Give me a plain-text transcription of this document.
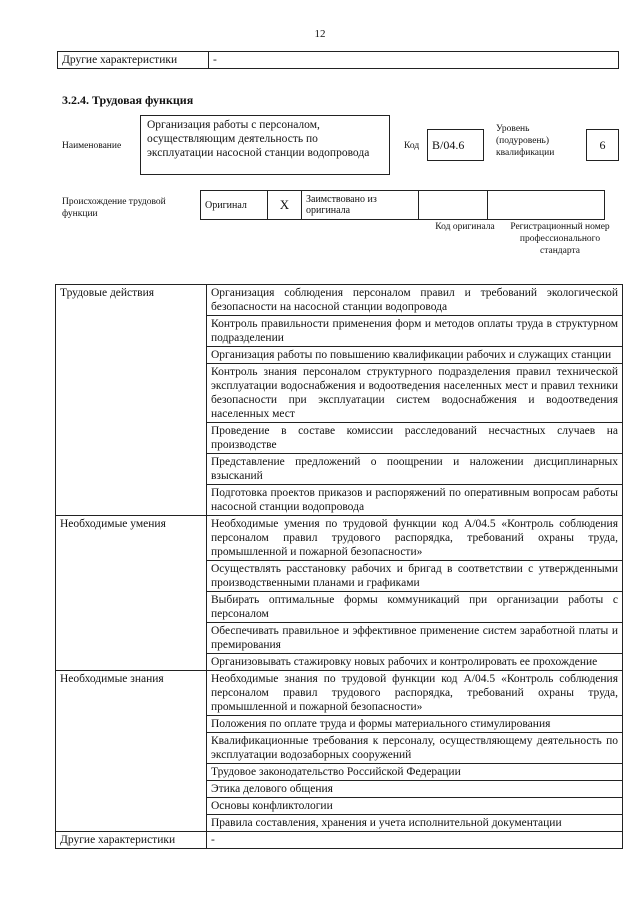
12
Другие характеристики	-
3.2.4. Трудовая функция
Наименование
Организация работы с персоналом, осуществляющим деятельность по эксплуатации насосной станции водопровода
Код	B/04.6
Уровень (подуровень) квалификации
6
Происхождение трудовой функции
Оригинал	X	Заимствовано из оригинала		
Код оригинала	Регистрационный номер профессионального стандарта
Трудовые действия	Организация соблюдения персоналом правил и требований экологической безопасности на насосной станции водопровода
	Контроль правильности применения форм и методов оплаты труда в структурном подразделении
	Организация работы по повышению квалификации рабочих и служащих станции
	Контроль знания персоналом структурного подразделения правил технической эксплуатации водоснабжения и водоотведения населенных мест и правил техники безопасности при эксплуатации систем водоснабжения и водоотведения населенных мест
	Проведение в составе комиссии расследований несчастных случаев на производстве
	Представление предложений о поощрении и наложении дисциплинарных взысканий
	Подготовка проектов приказов и распоряжений по оперативным вопросам работы насосной станции водопровода
Необходимые умения	Необходимые умения по трудовой функции код А/04.5 «Контроль соблюдения персоналом правил трудового распорядка, требований охраны труда, промышленной и пожарной безопасности»
	Осуществлять расстановку рабочих и бригад в соответствии с утвержденными производственными планами и графиками
	Выбирать оптимальные формы коммуникаций при организации работы с персоналом
	Обеспечивать правильное и эффективное применение систем заработной платы и премирования
	Организовывать стажировку новых рабочих и контролировать ее прохождение
Необходимые знания	Необходимые знания по трудовой функции код А/04.5 «Контроль соблюдения персоналом правил трудового распорядка, требований охраны труда, промышленной и пожарной безопасности»
	Положения по оплате труда и формы материального стимулирования
	Квалификационные требования к персоналу, осуществляющему деятельность по эксплуатации водозаборных сооружений
	Трудовое законодательство Российской Федерации
	Этика делового общения
	Основы конфликтологии
	Правила составления, хранения и учета исполнительной документации
Другие характеристики	-
